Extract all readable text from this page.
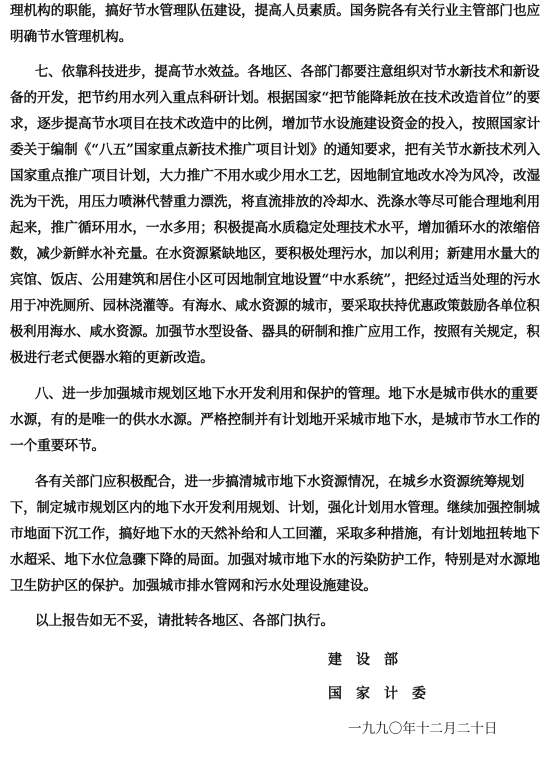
理机构的职能，搞好节水管理队伍建设，提高人员素质。国务院各有关行业主管部门也应
明确节水管理机构。
七、依靠科技进步，提高节水效益。各地区、各部门都要注意组织对节水新技术和新设
备的开发，把节约用水列入重点科研计划。根据国家“把节能降耗放在技术改造首位”的要
求，逐步提高节水项目在技术改造中的比例，增加节水设施建设资金的投入，按照国家计
委关于编制《“八五”国家重点新技术推广项目计划》的通知要求，把有关节水新技术列入
国家重点推广项目计划，大力推广不用水或少用水工艺，因地制宜地改水冷为风冷，改湿
洗为干洗，用压力喷淋代替重力漂洗，将直流排放的冷却水、洗涤水等尽可能合理地利用
起来，推广循环用水，一水多用；积极提高水质稳定处理技术水平，增加循环水的浓缩倍
数，减少新鲜水补充量。在水资源紧缺地区，要积极处理污水，加以利用；新建用水量大的
宾馆、饭店、公用建筑和居住小区可因地制宜地设置“中水系统”，把经过适当处理的污水
用于冲洗厕所、园林浇灌等。有海水、咸水资源的城市，要采取扶持优惠政策鼓励各单位积
极利用海水、咸水资源。加强节水型设备、器具的研制和推广应用工作，按照有关规定，积
极进行老式便器水箱的更新改造。
八、进一步加强城市规划区地下水开发利用和保护的管理。地下水是城市供水的重要
水源，有的是唯一的供水水源。严格控制并有计划地开采城市地下水，是城市节水工作的
一个重要环节。
各有关部门应积极配合，进一步搞清城市地下水资源情况，在城乡水资源统筹规划
下，制定城市规划区内的地下水开发利用规划、计划，强化计划用水管理。继续加强控制城
市地面下沉工作，搞好地下水的天然补给和人工回灌，采取多种措施，有计划地扭转地下
水超采、地下水位急骤下降的局面。加强对城市地下水的污染防护工作，特别是对水源地
卫生防护区的保护。加强城市排水管网和污水处理设施建设。
以上报告如无不妥，请批转各地区、各部门执行。
建　设　部
国　家　计　委
一九九〇年十二月二十日
